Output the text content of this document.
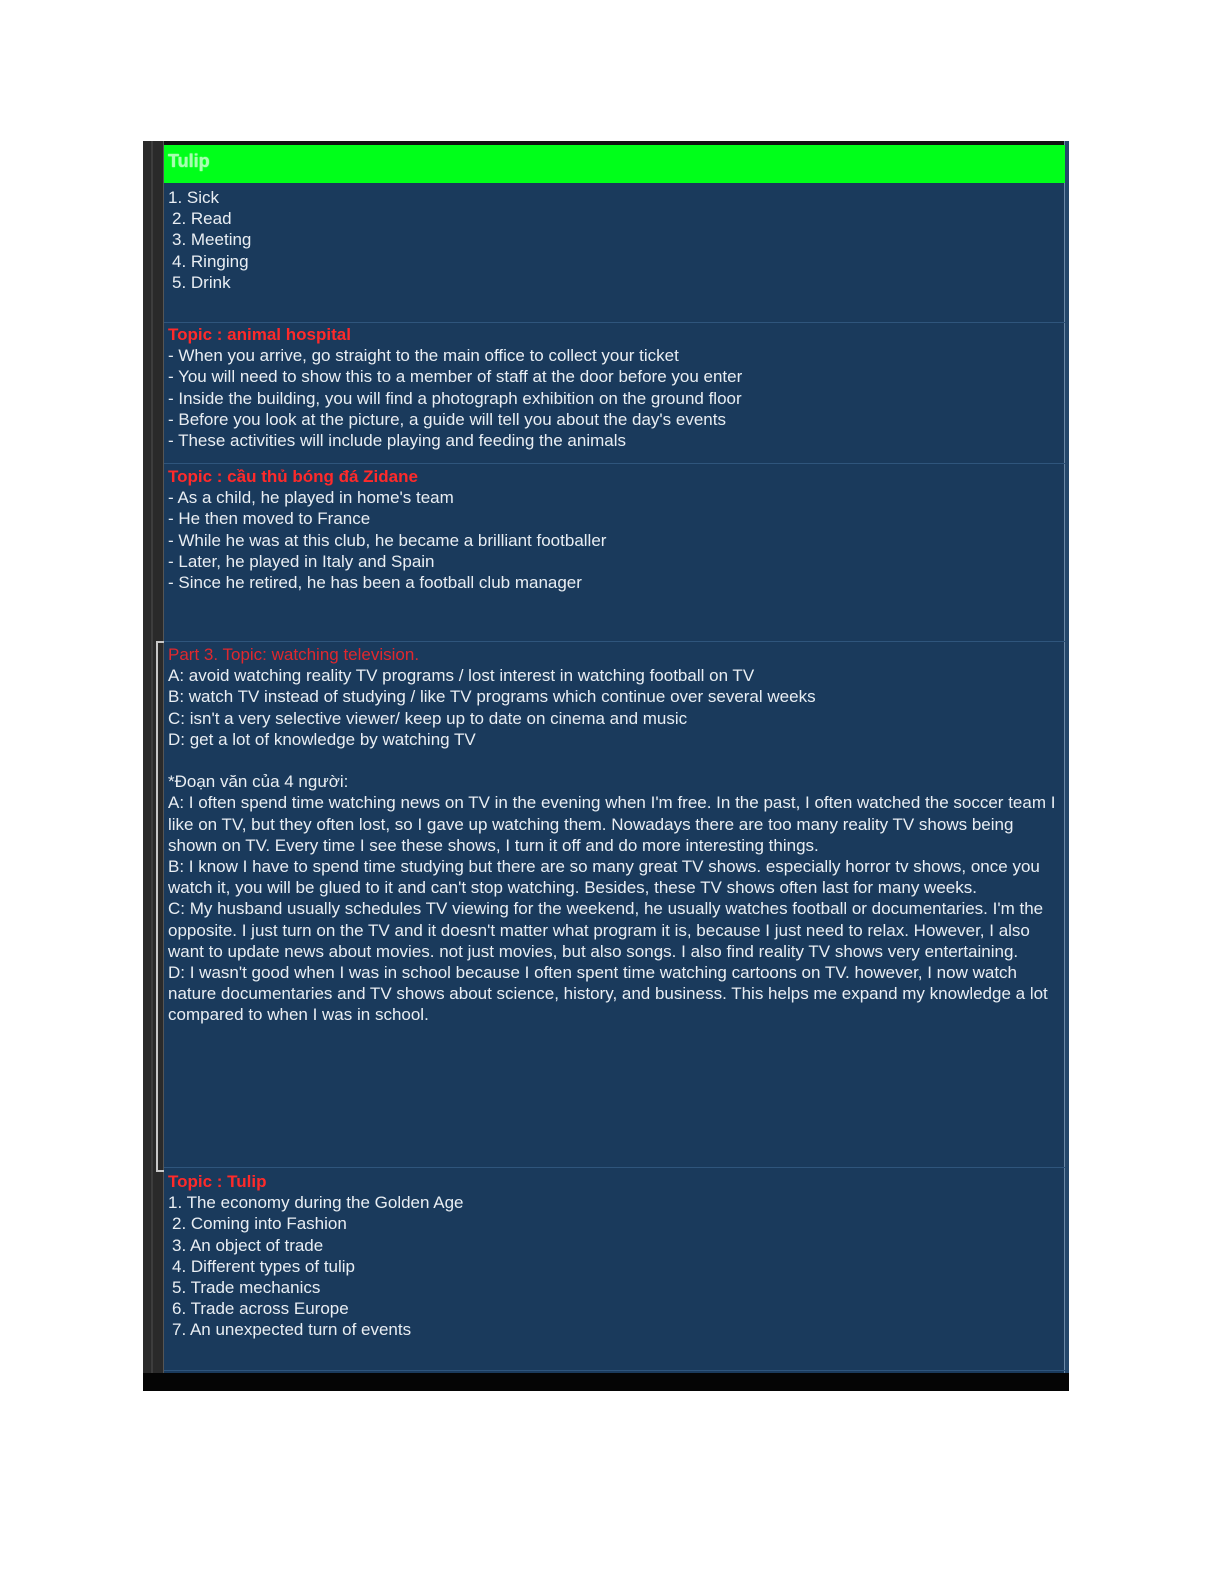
Tulip
1. Sick
2. Read
3. Meeting
4. Ringing
5. Drink
Topic : animal hospital
- When you arrive, go straight to the main office to collect your ticket
- You will need to show this to a member of staff at the door before you enter
- Inside the building, you will find a photograph exhibition on the ground floor
- Before you look at the picture, a guide will tell you about the day's events
- These activities will include playing and feeding the animals
Topic : cầu thủ bóng đá Zidane
- As a child, he played in home's team
- He then moved to France
- While he was at this club, he became a brilliant footballer
- Later, he played in Italy and Spain
- Since he retired, he has been a football club manager
Part 3. Topic: watching television.
A: avoid watching reality TV programs / lost interest in watching football on TV
B: watch TV instead of studying / like TV programs which continue over several weeks
C: isn't a very selective viewer/ keep up to date on cinema and music
D: get a lot of knowledge by watching TV
*Đoạn văn của 4 người:
A: I often spend time watching news on TV in the evening when I'm free. In the past, I often watched the soccer team I like on TV, but they often lost, so I gave up watching them. Nowadays there are too many reality TV shows being shown on TV. Every time I see these shows, I turn it off and do more interesting things.
B: I know I have to spend time studying but there are so many great TV shows. especially horror tv shows, once you watch it, you will be glued to it and can't stop watching. Besides, these TV shows often last for many weeks.
C: My husband usually schedules TV viewing for the weekend, he usually watches football or documentaries. I'm the opposite. I just turn on the TV and it doesn't matter what program it is, because I just need to relax. However, I also want to update news about movies. not just movies, but also songs. I also find reality TV shows very entertaining.
D: I wasn't good when I was in school because I often spent time watching cartoons on TV. however, I now watch nature documentaries and TV shows about science, history, and business. This helps me expand my knowledge a lot compared to when I was in school.
Topic : Tulip
1. The economy during the Golden Age
2. Coming into Fashion
3. An object of trade
4. Different types of tulip
5. Trade mechanics
6. Trade across Europe
7. An unexpected turn of events
